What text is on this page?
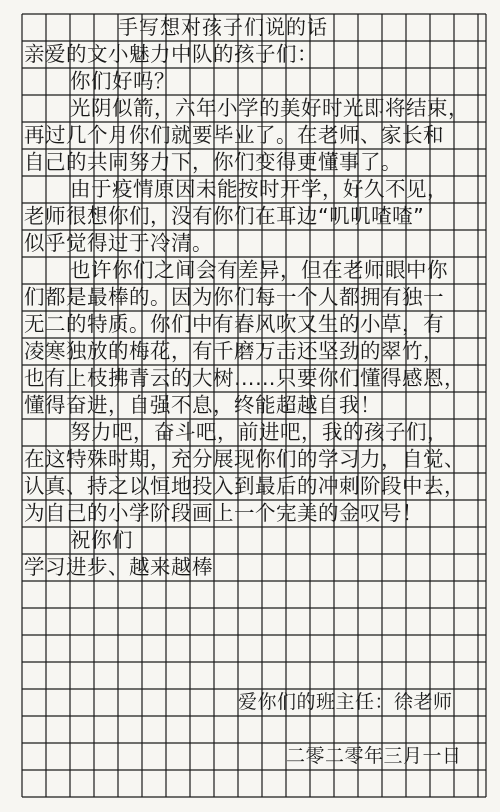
手写想对孩子们说的话
亲爱的文小魅力中队的孩子们：
你们好吗？
光阴似箭，六年小学的美好时光即将结束，
再过几个月你们就要毕业了。在老师、家长和
自己的共同努力下，你们变得更懂事了。
由于疫情原因未能按时开学，好久不见，
老师很想你们，没有你们在耳边“叽叽喳喳”
似乎觉得过于冷清。
也许你们之间会有差异，但在老师眼中你
们都是最棒的。因为你们每一个人都拥有独一
无二的特质。你们中有春风吹又生的小草，有
凌寒独放的梅花，有千磨万击还坚劲的翠竹，
也有上枝拂青云的大树……只要你们懂得感恩，
懂得奋进，自强不息，终能超越自我！
努力吧，奋斗吧，前进吧，我的孩子们，
在这特殊时期，充分展现你们的学习力，自觉、
认真、持之以恒地投入到最后的冲刺阶段中去，
为自己的小学阶段画上一个完美的金叹号！
祝你们
学习进步、越来越棒
爱你们的班主任：徐老师
二零二零年三月一日
